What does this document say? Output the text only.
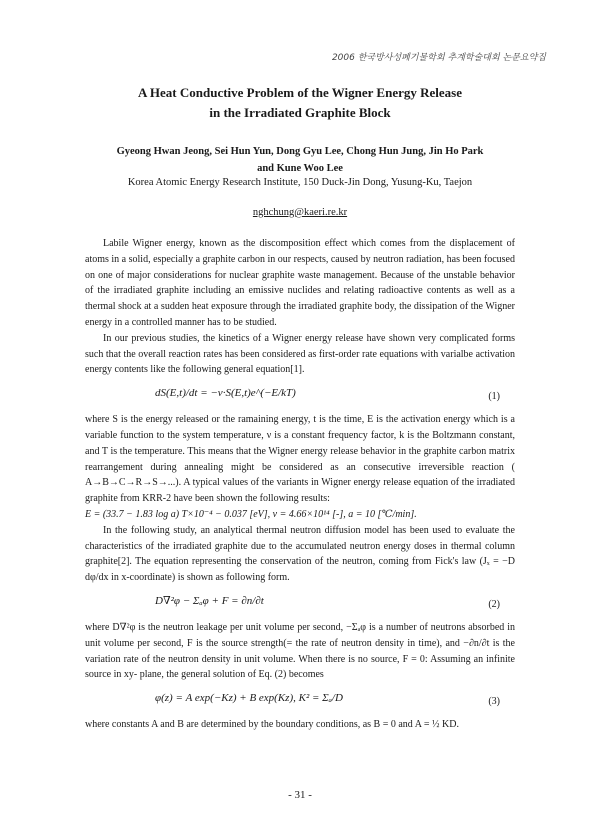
2006 한국방사성폐기물학회 추계학술대회 논문요약집
A Heat Conductive Problem of the Wigner Energy Release
in the Irradiated Graphite Block
Gyeong Hwan Jeong, Sei Hun Yun, Dong Gyu Lee, Chong Hun Jung, Jin Ho Park
and Kune Woo Lee
Korea Atomic Energy Research Institute, 150 Duck-Jin Dong, Yusung-Ku, Taejon
nghchung@kaeri.re.kr

Labile Wigner energy, known as the discomposition effect which comes from the displacement of atoms in a solid, especially a graphite carbon in our respects, caused by neutron radiation, has been focused on one of major considerations for nuclear graphite waste management. Because of the unstable behavior of the irradiated graphite including an emissive nuclides and relating radioactive contents as well as a thermal shock at a sudden heat exposure through the irradiated graphite body, the dissipation of the Wigner energy in a controlled manner has to be studied.

In our previous studies, the kinetics of a Wigner energy release have shown very complicated forms such that the overall reaction rates has been considered as first-order rate equations with varialbe activation energy contents like the following general equation[1].

dS(E,t)/dt = −ν·S(E,t)e^(−E/kT)	(1)

where S is the energy released or the ramaining energy, t is the time, E is the activation energy which is a variable function to the system temperature, ν is a constant frequency factor, k is the Boltzmann constant, and T is the temperature. This means that the Wigner energy release behavior in the graphite carbon matrix rearrangement during annealing might be considered as an consecutive irreversible reaction ( A→B→C→R→S→...). A typical values of the variants in Wigner energy release equation of the irradiated graphite from KRR-2 have been shown the following results:

E = (33.7 − 1.83 log a) T×10⁻⁴ − 0.037 [eV], ν = 4.66×10¹⁴ [-], a = 10 [℃/min].

In the following study, an analytical thermal neutron diffusion model has been used to evaluate the characteristics of the irradiated graphite due to the accumulated neutron energy doses in thermal column graphite[2]. The equation representing the conservation of the neutron, coming from Fick's law (Jₓ = −D dφ/dx in x-coordinate) is shown as following form.

D∇²φ − Σₐφ + F = ∂n/∂t	(2)

where D∇²φ is the neutron leakage per unit volume per second, −Σₐφ is a number of neutrons absorbed in unit volume per second, F is the source strength(= the rate of neutron density in time), and −∂n/∂t is the variation rate of the neutron density in unit volume. When there is no source, F = 0: Assuming an infinite source in xy- plane, the general solution of Eq. (2) becomes

φ(z) = A exp(−Kz) + B exp(Kz), K² = Σₐ/D	(3)

where constants A and B are determined by the boundary conditions, as B = 0 and A = ½ KD.

- 31 -
